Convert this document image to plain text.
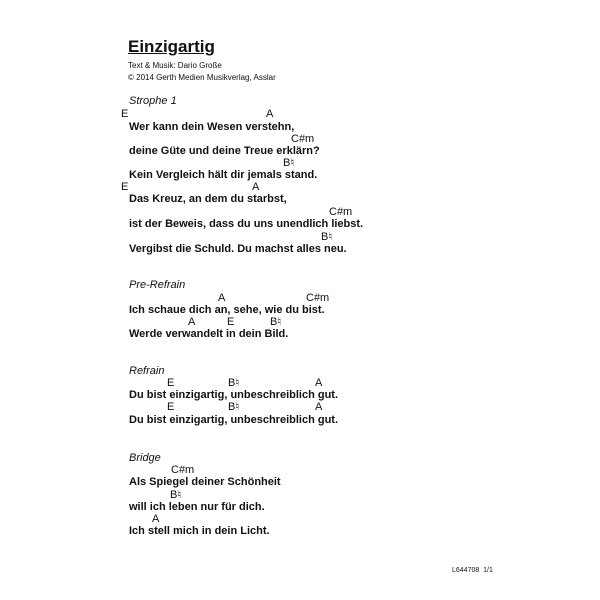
Einzigartig
Text & Musik: Dario Große
© 2014 Gerth Medien Musikverlag, Asslar
Strophe 1
E	A
Wer kann dein Wesen verstehn,
C#m
deine Güte und deine Treue erklärn?
B♮
Kein Vergleich hält dir jemals stand.
E	A
Das Kreuz, an dem du starbst,
C#m
ist der Beweis, dass du uns unendlich liebst.
B♮
Vergibst die Schuld. Du machst alles neu.
Pre-Refrain
A	C#m
Ich schaue dich an, sehe, wie du bist.
A	E	B♮
Werde verwandelt in dein Bild.
Refrain
E	B♮	A
Du bist einzigartig, unbeschreiblich gut.
E	B♮	A
Du bist einzigartig, unbeschreiblich gut.
Bridge
C#m
Als Spiegel deiner Schönheit
B♮
will ich leben nur für dich.
A
Ich stell mich in dein Licht.
L644708  1/1
